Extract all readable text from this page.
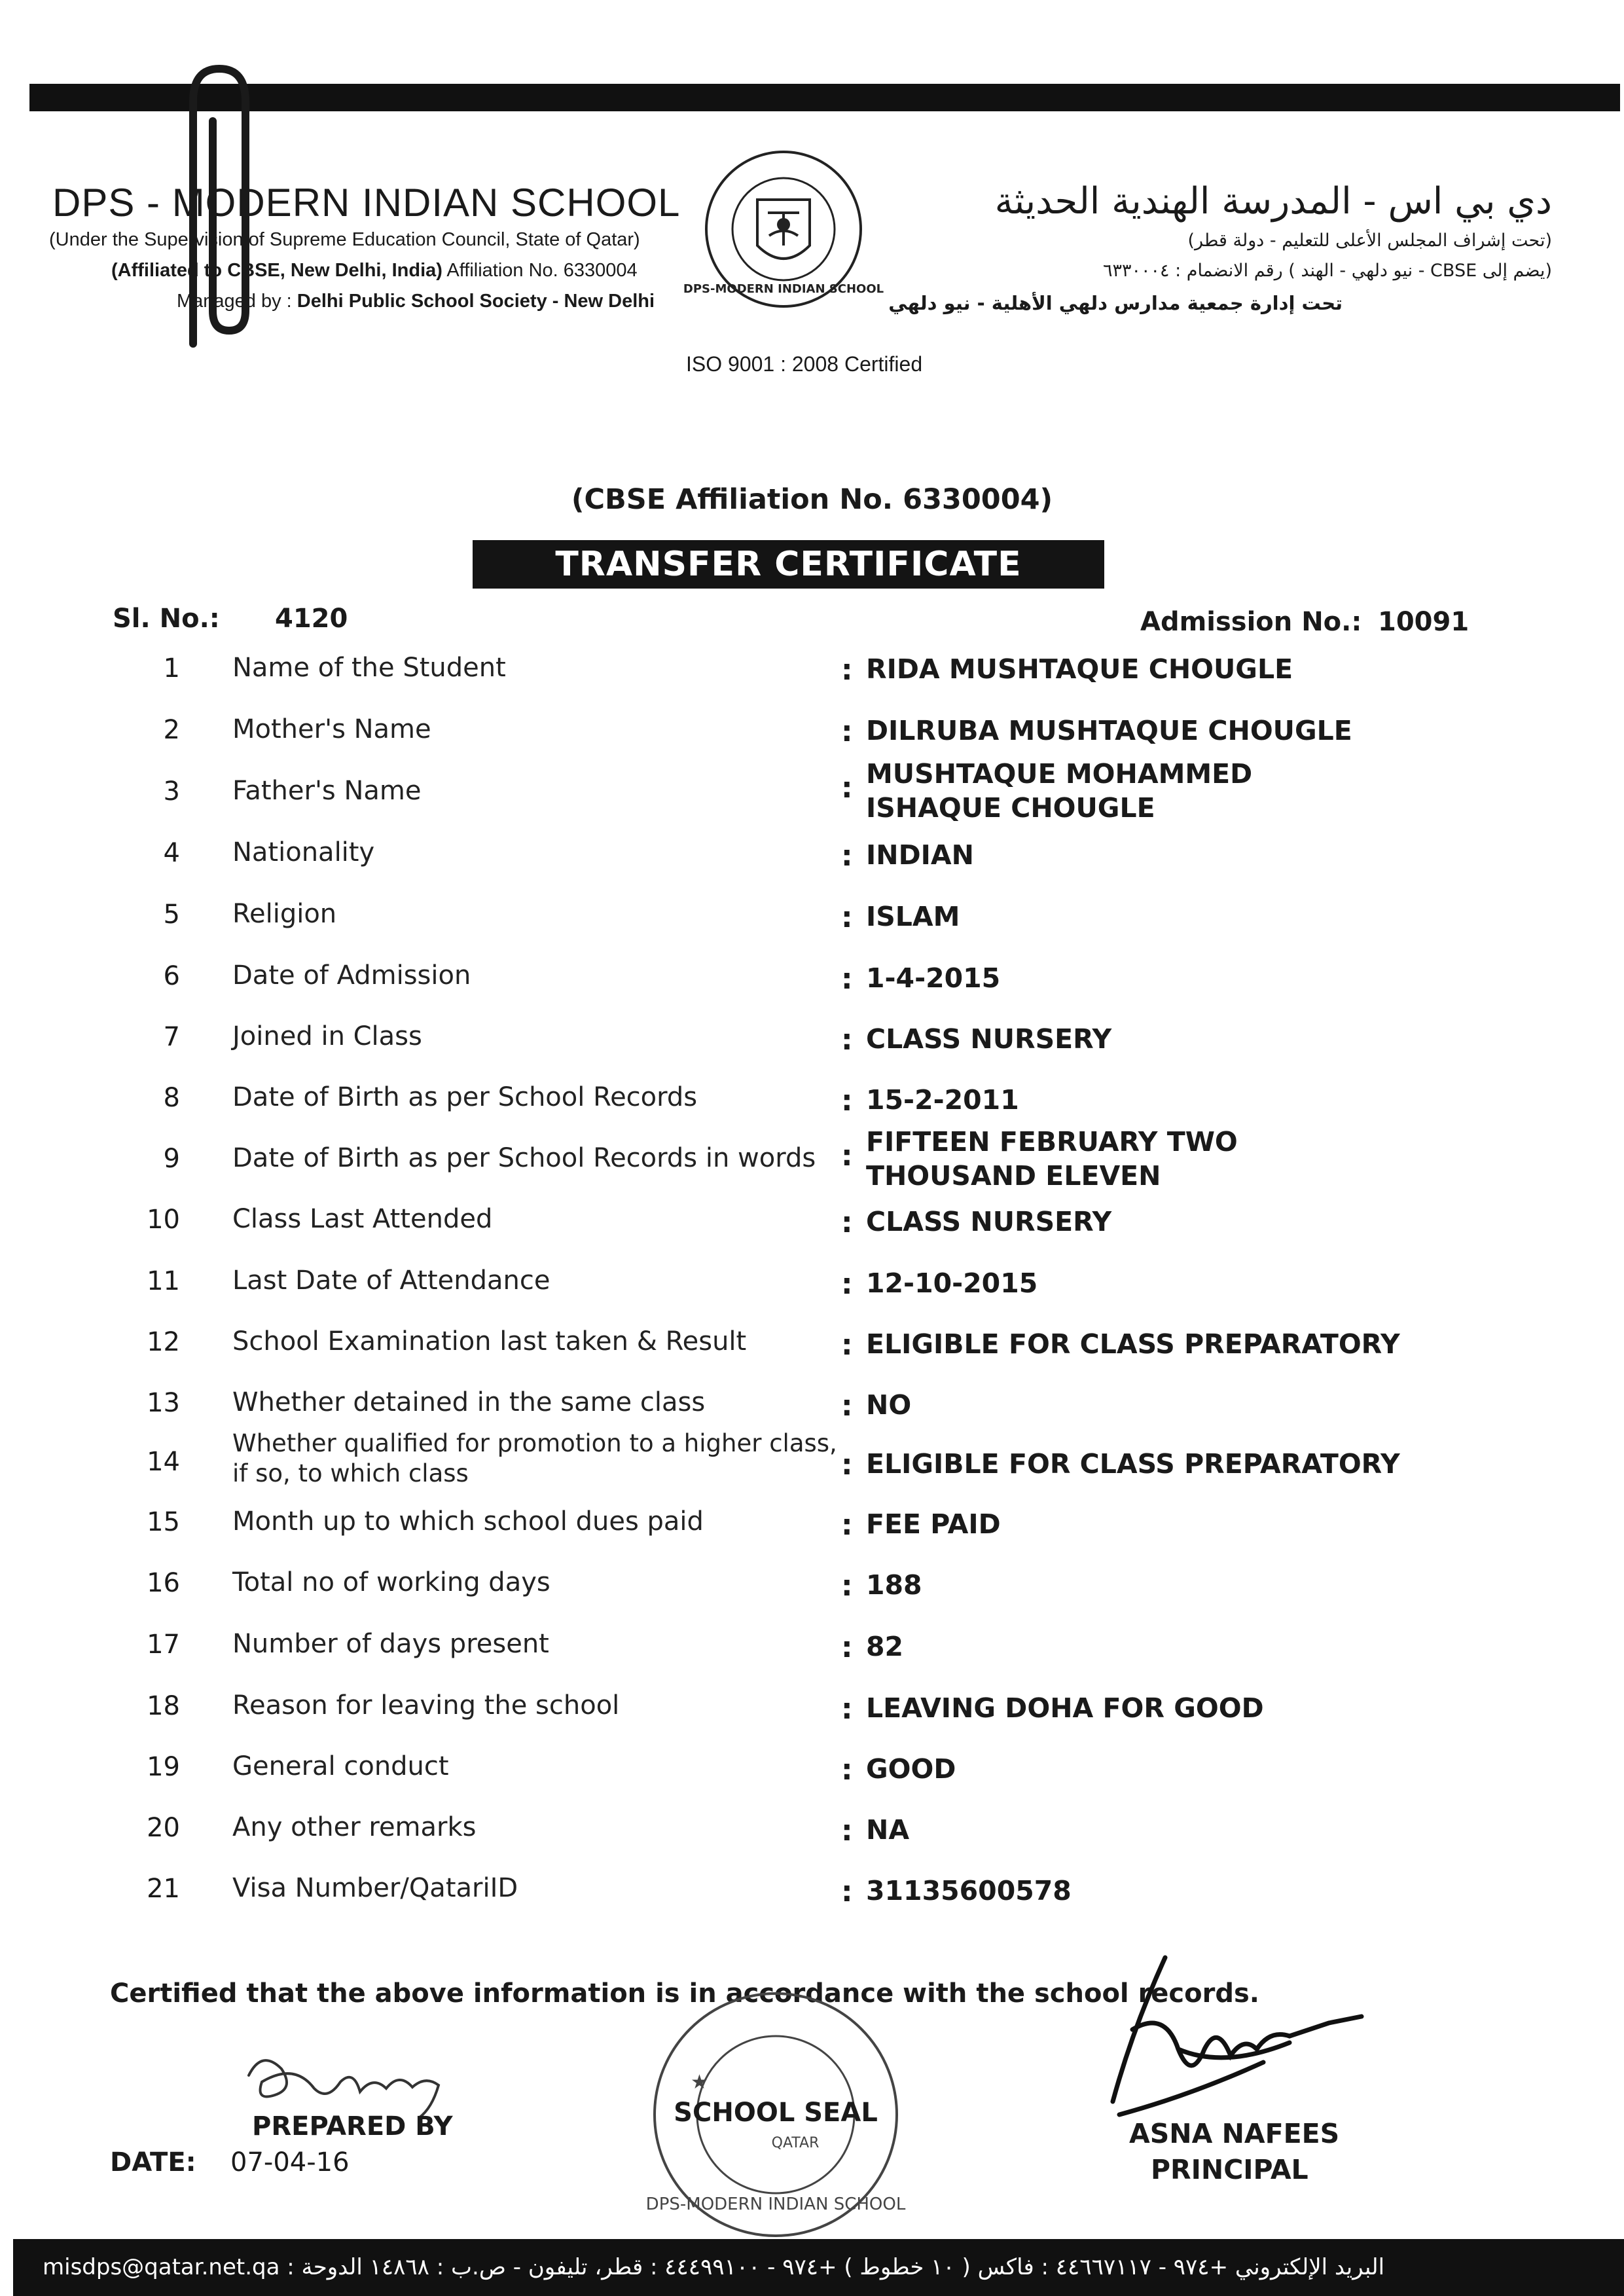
DPS - MODERN INDIAN SCHOOL
(Under the Supervision of Supreme Education Council, State of Qatar)
(Affiliated to CBSE, New Delhi, India) Affiliation No. 6330004
Managed by : Delhi Public School Society - New Delhi
DPS-MODERN INDIAN SCHOOL
ISO 9001 : 2008 Certified
دي بي اس - المدرسة الهندية الحديثة
(تحت إشراف المجلس الأعلى للتعليم - دولة قطر)
(يضم إلى CBSE - نيو دلهي - الهند ) رقم الانضمام : ٦٣٣٠٠٠٤
تحت إدارة جمعية مدارس دلهي الأهلية - نيو دلهي
(CBSE Affiliation No. 6330004)
TRANSFER CERTIFICATE
Sl. No.: 4120	Admission No.: 10091
1 Name of the Student	: RIDA MUSHTAQUE CHOUGLE
2 Mother's Name	: DILRUBA MUSHTAQUE CHOUGLE
3 Father's Name	: MUSHTAQUE MOHAMMED ISHAQUE CHOUGLE
4 Nationality	: INDIAN
5 Religion	: ISLAM
6 Date of Admission	: 1-4-2015
7 Joined in Class	: CLASS NURSERY
8 Date of Birth as per School Records	: 15-2-2011
9 Date of Birth as per School Records in words : FIFTEEN FEBRUARY TWO THOUSAND ELEVEN
10 Class Last Attended	: CLASS NURSERY
11 Last Date of Attendance	: 12-10-2015
12 School Examination last taken & Result	: ELIGIBLE FOR CLASS PREPARATORY
13 Whether detained in the same class	: NO
14
Whether qualified for promotion to a higher class, if so, to which class	: ELIGIBLE FOR CLASS PREPARATORY
15 Month up to which school dues paid	: FEE PAID
16 Total no of working days	: 188
17 Number of days present	: 82
18 Reason for leaving the school	: LEAVING DOHA FOR GOOD
19 General conduct	: GOOD
20 Any other remarks	: NA
21 Visa Number/QatariID	: 31135600578
Certified that the above information is in accordance with the school records.
PREPARED BY
DATE: 07-04-16
SCHOOL SEAL
QATAR
DPS-MODERN INDIAN SCHOOL
★
ASNA NAFEES
PRINCIPAL
misdps@qatar.net.qa : البريد الإلكتروني +٩٧٤ - ٤٤٦٦٧١١٧ : فاكس ( ١٠ خطوط ) +٩٧٤ - ٤٤٤٩٩١٠٠ : قطر، تليفون - ص.ب : ١٤٨٦٨ الدوحة
